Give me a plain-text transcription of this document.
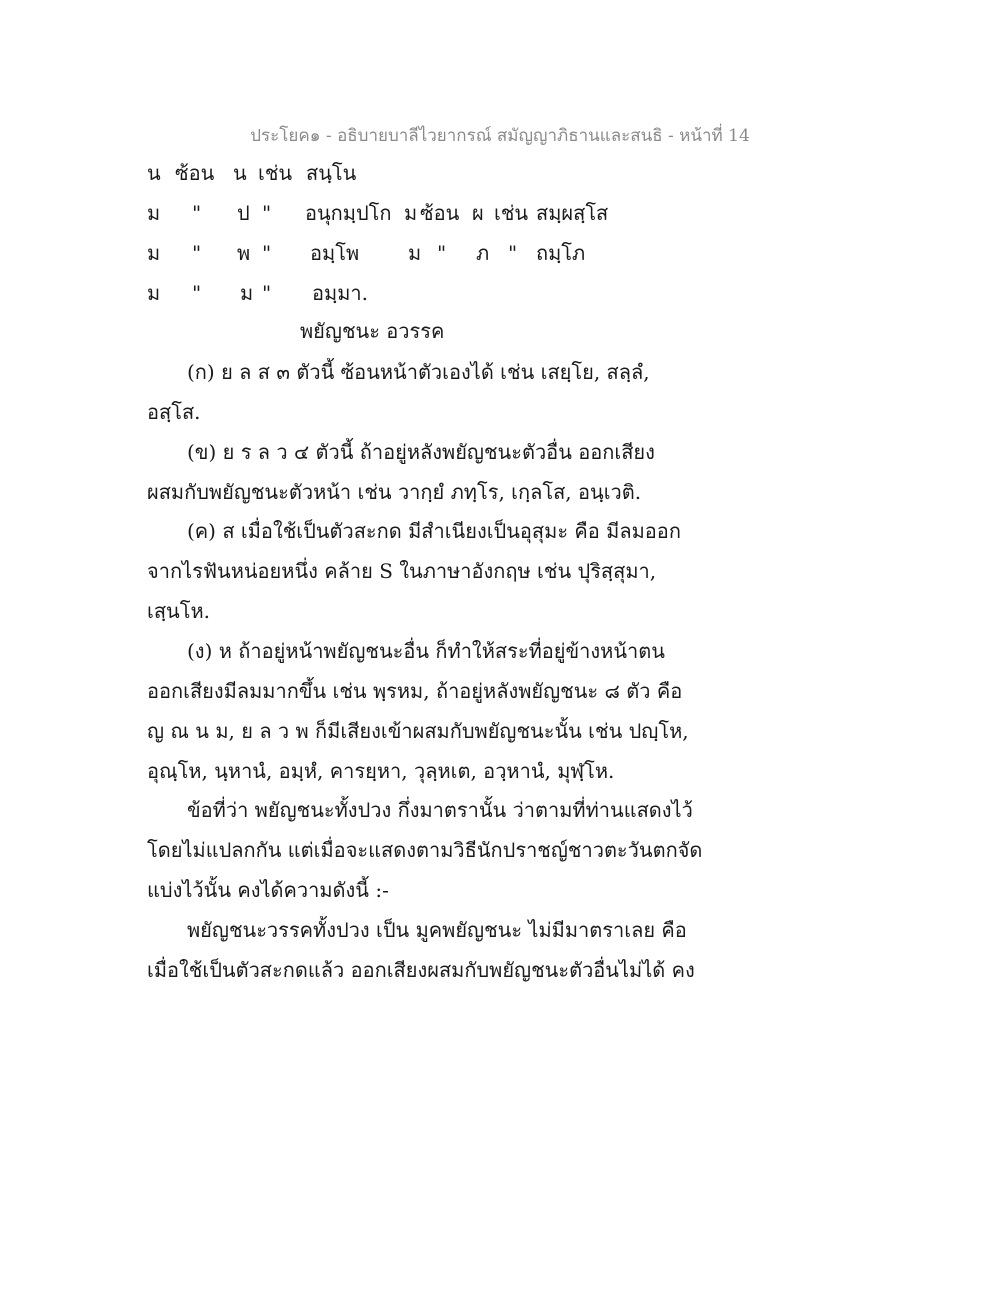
ประโยค๑ - อธิบายบาลีไวยากรณ์ สมัญญาภิธานและสนธิ - หน้าที่ 14
น ซ้อน น เช่น สนฺโน
ม " ป " อนุกมฺปโก ม ซ้อน ผ เช่น สมฺผสฺโส
ม " พ " อมฺโพ ม " ภ " ถมฺโภ
ม " ม " อมฺมา.
พยัญชนะ อวรรค
(ก) ย ล ส ๓ ตัวนี้ ซ้อนหน้าตัวเองได้ เช่น เสยฺโย, สลฺลํ,
อสฺโส.
(ข) ย ร ล ว ๔ ตัวนี้ ถ้าอยู่หลังพยัญชนะตัวอื่น ออกเสียง
ผสมกับพยัญชนะตัวหน้า เช่น วากฺยํ ภทฺโร, เกฺลโส, อนฺเวติ.
(ค) ส เมื่อใช้เป็นตัวสะกด มีสำเนียงเป็นอุสุมะ คือ มีลมออก
จากไรฟันหน่อยหนึ่ง คล้าย S ในภาษาอังกฤษ เช่น ปุริสฺสุมา,
เสฺนโห.
(ง) ห ถ้าอยู่หน้าพยัญชนะอื่น ก็ทำให้สระที่อยู่ข้างหน้าตน
ออกเสียงมีลมมากขึ้น เช่น พฺรหม, ถ้าอยู่หลังพยัญชนะ ๘ ตัว คือ
ญ ณ น ม, ย ล ว พ ก็มีเสียงเข้าผสมกับพยัญชนะนั้น เช่น ปญฺโห,
อุณฺโห, นฺหานํ, อมฺหํ, คารยฺหา, วุลฺหเต, อวฺหานํ, มุฬฺโห.
ข้อที่ว่า พยัญชนะทั้งปวง กึ่งมาตรานั้น ว่าตามที่ท่านแสดงไว้
โดยไม่แปลกกัน แต่เมื่อจะแสดงตามวิธีนักปราชญ์ชาวตะวันตกจัด
แบ่งไว้นั้น คงได้ความดังนี้ :-
พยัญชนะวรรคทั้งปวง เป็น มูคพยัญชนะ ไม่มีมาตราเลย คือ
เมื่อใช้เป็นตัวสะกดแล้ว ออกเสียงผสมกับพยัญชนะตัวอื่นไม่ได้ คง
